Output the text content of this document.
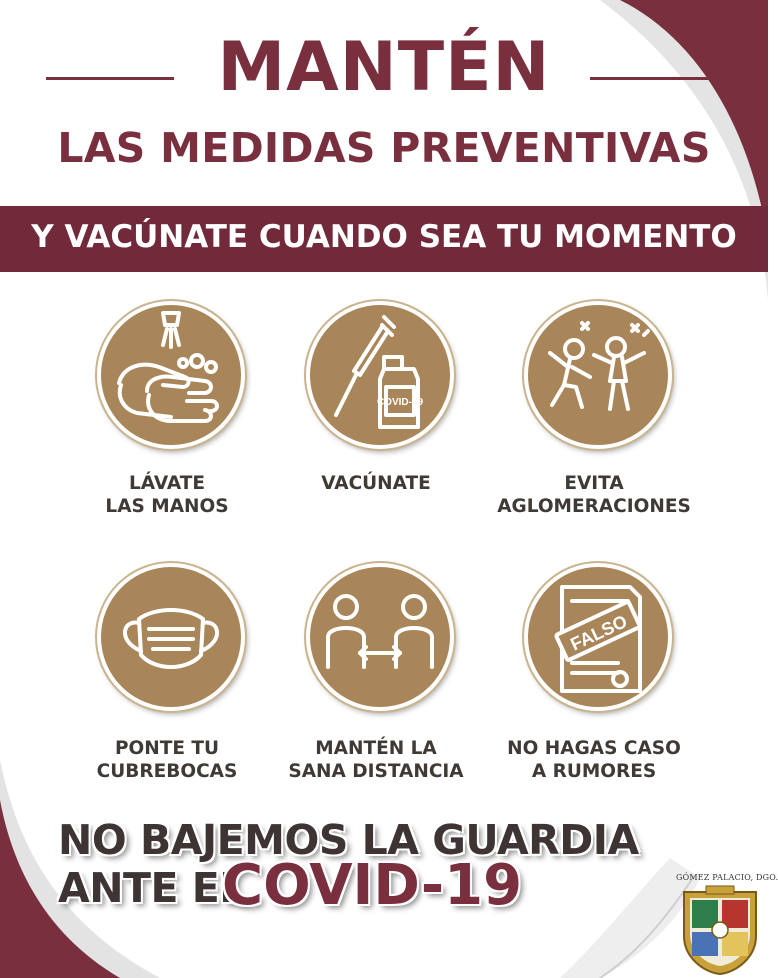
MANTÉN
LAS MEDIDAS PREVENTIVAS
Y VACÚNATE CUANDO SEA TU MOMENTO
COVID-19
LÁVATE
LAS MANOS
VACÚNATE	EVITA
AGLOMERACIONES
FALSO
PONTE TU
CUBREBOCAS
MANTÉN LA
SANA DISTANCIA
NO HAGAS CASO
A RUMORES
NO BAJEMOS LA GUARDIA
ANTE EL
COVID-19	GÓMEZ PALACIO, DGO.
